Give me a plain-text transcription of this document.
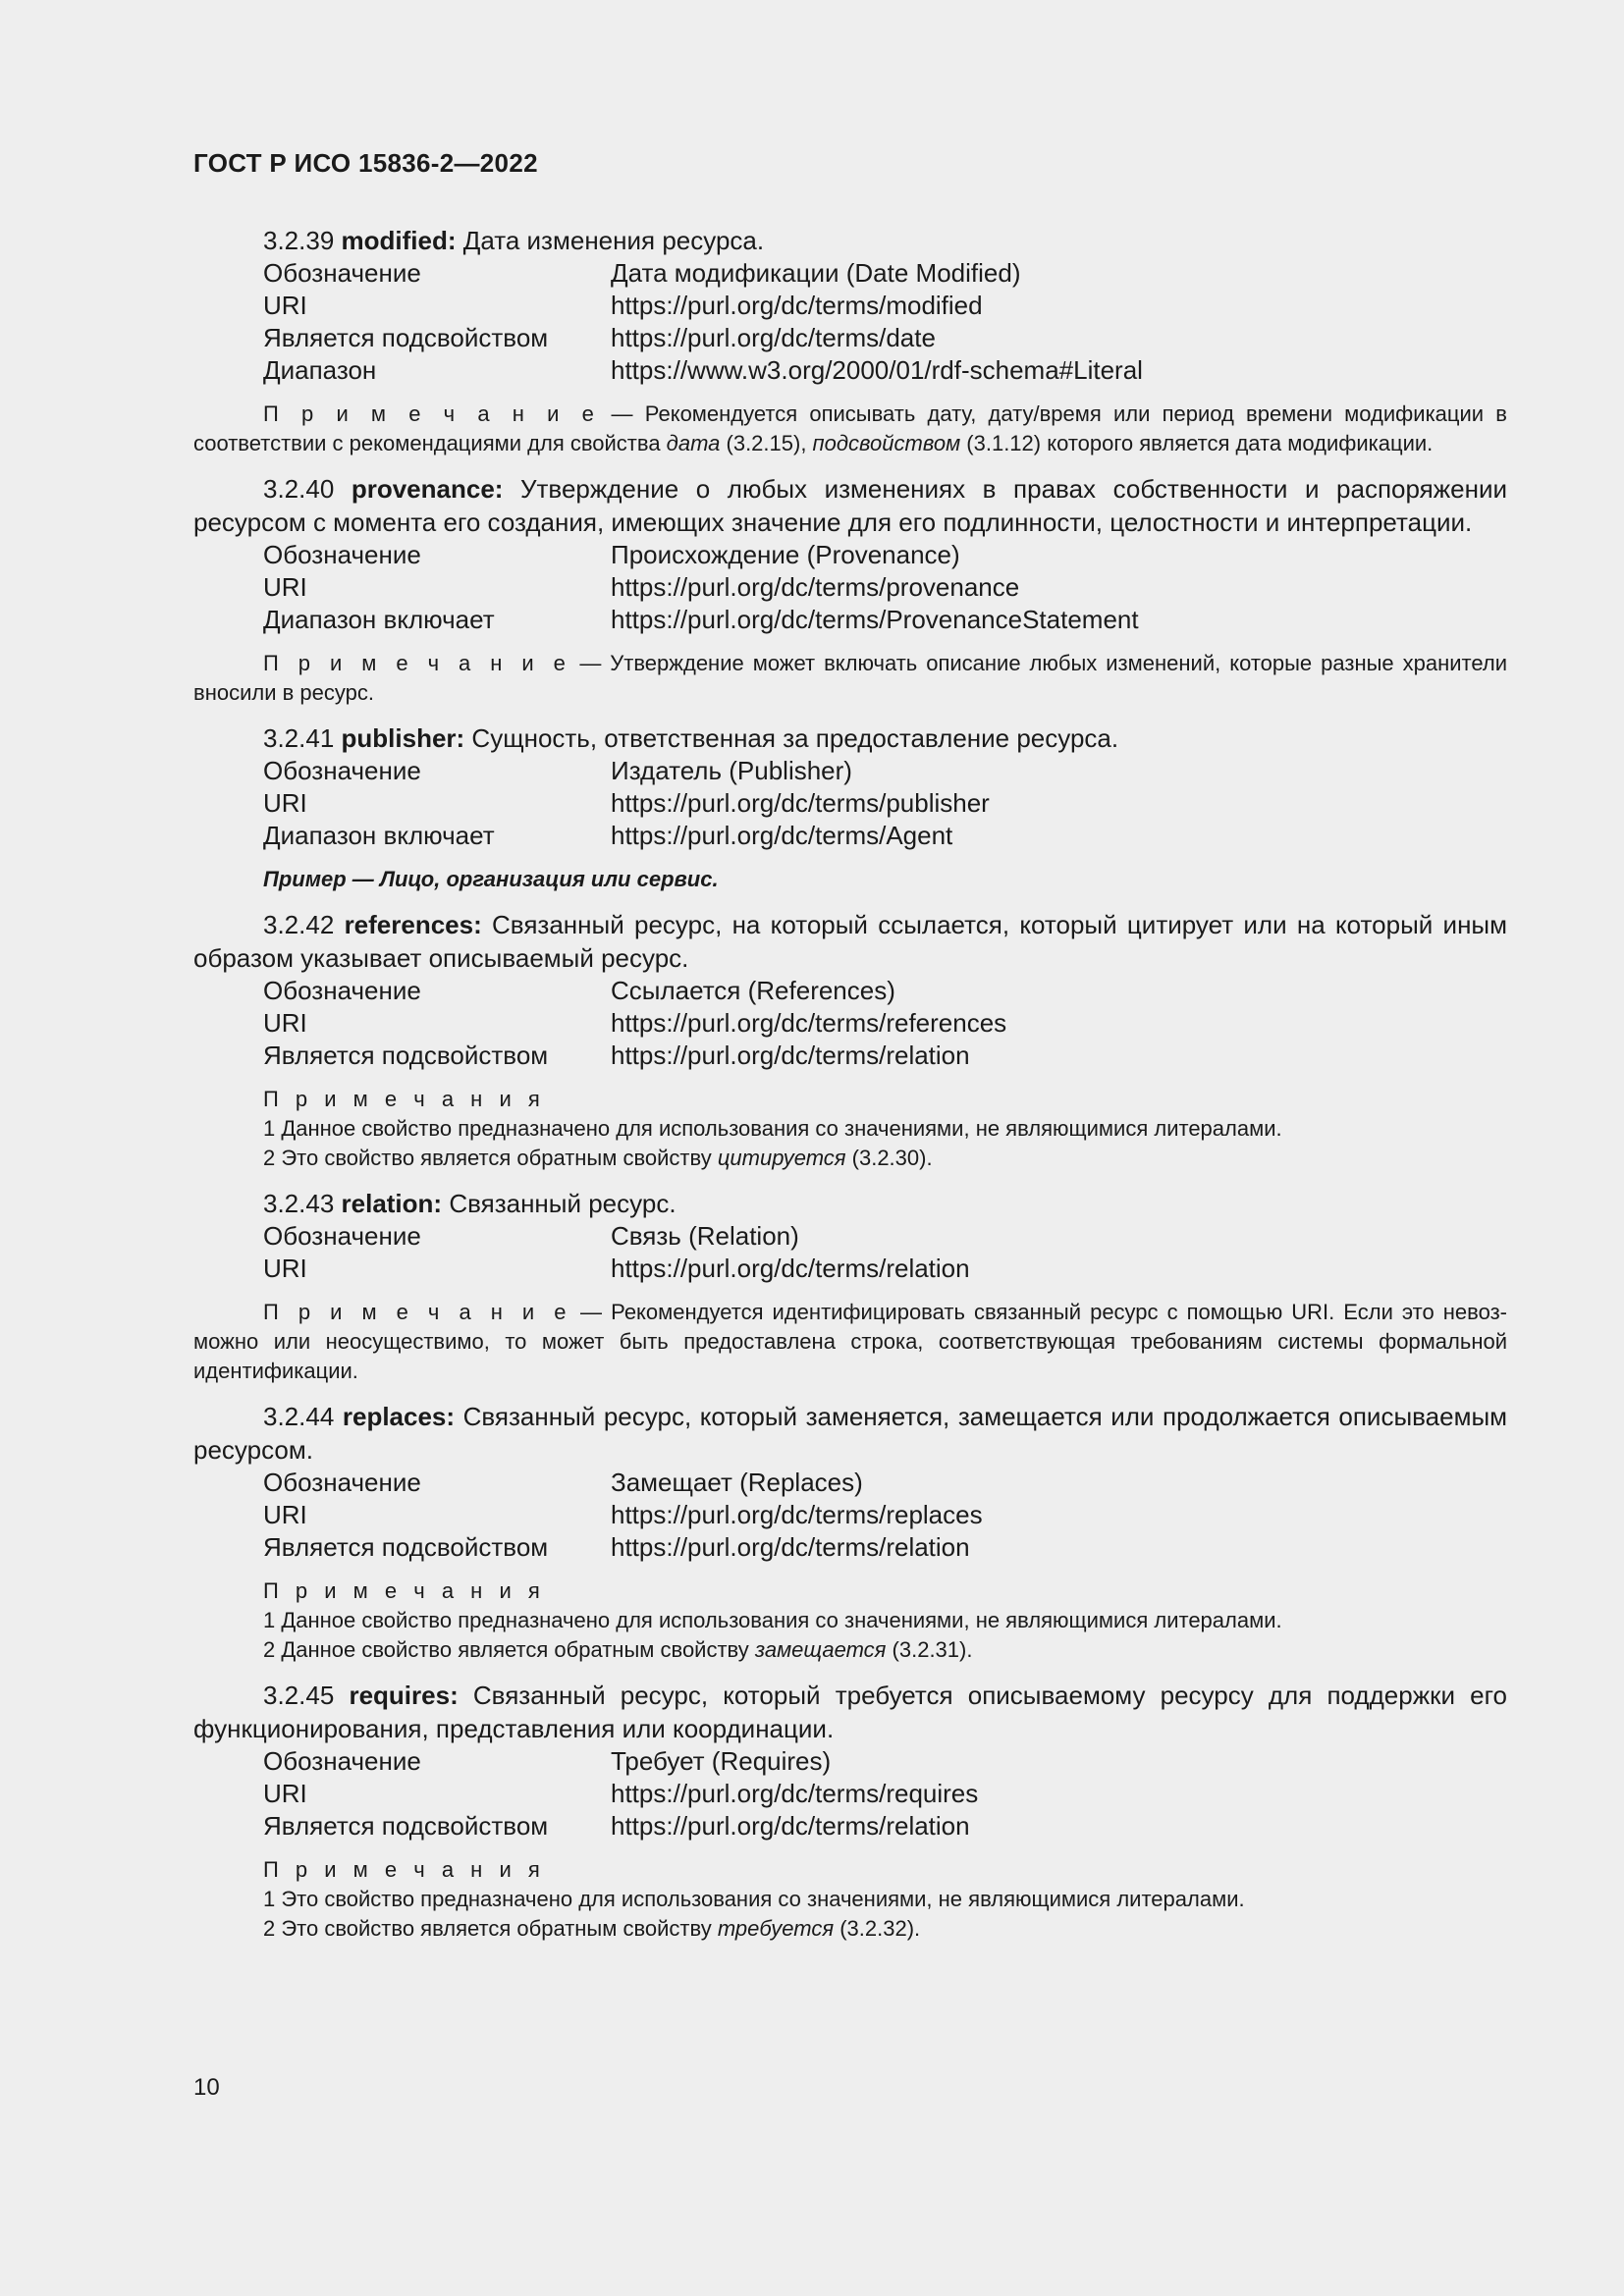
ГОСТ Р ИСО 15836-2—2022
3.2.39 modified: Дата изменения ресурса.
Обозначение	Дата модификации (Date Modified)
URI	https://purl.org/dc/terms/modified
Является подсвойством	https://purl.org/dc/terms/date
Диапазон	https://www.w3.org/2000/01/rdf-schema#Literal
П р и м е ч а н и е — Рекомендуется описывать дату, дату/время или период времени модификации в соответствии с рекомендациями для свойства дата (3.2.15), подсвойством (3.1.12) которого является дата модификации.
3.2.40 provenance: Утверждение о любых изменениях в правах собственности и распоряжении ресурсом с момента его создания, имеющих значение для его подлинности, целостности и интерпретации.
Обозначение	Происхождение (Provenance)
URI	https://purl.org/dc/terms/provenance
Диапазон включает	https://purl.org/dc/terms/ProvenanceStatement
П р и м е ч а н и е — Утверждение может включать описание любых изменений, которые разные хранители вносили в ресурс.
3.2.41 publisher: Сущность, ответственная за предоставление ресурса.
Обозначение	Издатель (Publisher)
URI	https://purl.org/dc/terms/publisher
Диапазон включает	https://purl.org/dc/terms/Agent
Пример — Лицо, организация или сервис.
3.2.42 references: Связанный ресурс, на который ссылается, который цитирует или на который иным образом указывает описываемый ресурс.
Обозначение	Ссылается (References)
URI	https://purl.org/dc/terms/references
Является подсвойством	https://purl.org/dc/terms/relation
П р и м е ч а н и я
1 Данное свойство предназначено для использования со значениями, не являющимися литералами.
2 Это свойство является обратным свойству цитируется (3.2.30).
3.2.43 relation: Связанный ресурс.
Обозначение	Связь (Relation)
URI	https://purl.org/dc/terms/relation
П р и м е ч а н и е — Рекомендуется идентифицировать связанный ресурс с помощью URI. Если это невозможно или неосуществимо, то может быть предоставлена строка, соответствующая требованиям системы формальной идентификации.
3.2.44 replaces: Связанный ресурс, который заменяется, замещается или продолжается описываемым ресурсом.
Обозначение	Замещает (Replaces)
URI	https://purl.org/dc/terms/replaces
Является подсвойством	https://purl.org/dc/terms/relation
П р и м е ч а н и я
1 Данное свойство предназначено для использования со значениями, не являющимися литералами.
2 Данное свойство является обратным свойству замещается (3.2.31).
3.2.45 requires: Связанный ресурс, который требуется описываемому ресурсу для поддержки его функционирования, представления или координации.
Обозначение	Требует (Requires)
URI	https://purl.org/dc/terms/requires
Является подсвойством	https://purl.org/dc/terms/relation
П р и м е ч а н и я
1 Это свойство предназначено для использования со значениями, не являющимися литералами.
2 Это свойство является обратным свойству требуется (3.2.32).
10
